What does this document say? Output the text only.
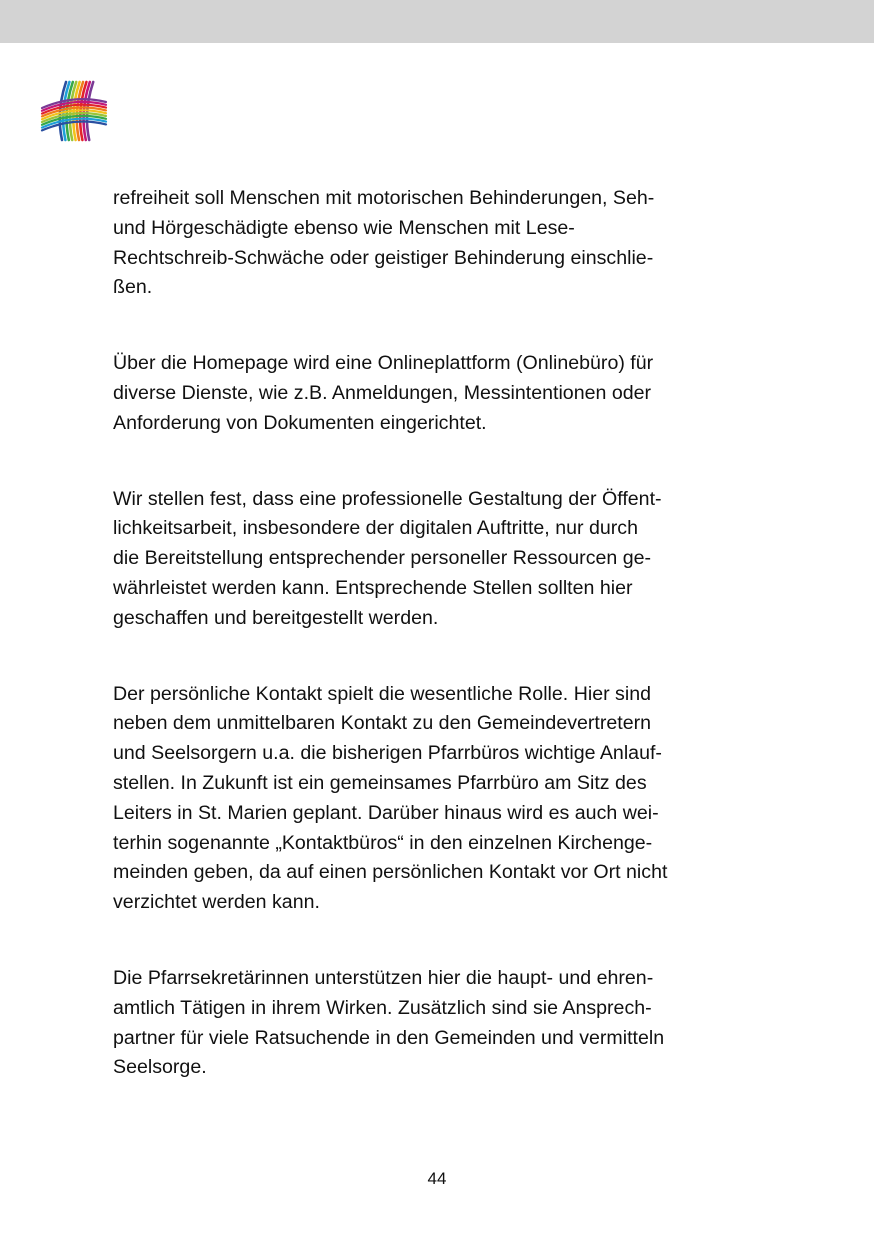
refreiheit soll Menschen mit motorischen Behinderungen, Seh-
und Hörgeschädigte ebenso wie Menschen mit Lese-
Rechtschreib-Schwäche oder geistiger Behinderung einschlie-
ßen.

Über die Homepage wird eine Onlineplattform (Onlinebüro) für
diverse Dienste, wie z.B. Anmeldungen, Messintentionen oder
Anforderung von Dokumenten eingerichtet.

Wir stellen fest, dass eine professionelle Gestaltung der Öffent-
lichkeitsarbeit, insbesondere der digitalen Auftritte, nur durch
die Bereitstellung entsprechender personeller Ressourcen ge-
währleistet werden kann. Entsprechende Stellen sollten hier
geschaffen und bereitgestellt werden.

Der persönliche Kontakt spielt die wesentliche Rolle. Hier sind
neben dem unmittelbaren Kontakt zu den Gemeindevertretern
und Seelsorgern u.a. die bisherigen Pfarrbüros wichtige Anlauf-
stellen. In Zukunft ist ein gemeinsames Pfarrbüro am Sitz des
Leiters in St. Marien geplant. Darüber hinaus wird es auch wei-
terhin sogenannte „Kontaktbüros“ in den einzelnen Kirchenge-
meinden geben, da auf einen persönlichen Kontakt vor Ort nicht
verzichtet werden kann.

Die Pfarrsekretärinnen unterstützen hier die haupt- und ehren-
amtlich Tätigen in ihrem Wirken. Zusätzlich sind sie Ansprech-
partner für viele Ratsuchende in den Gemeinden und vermitteln
Seelsorge.

44
